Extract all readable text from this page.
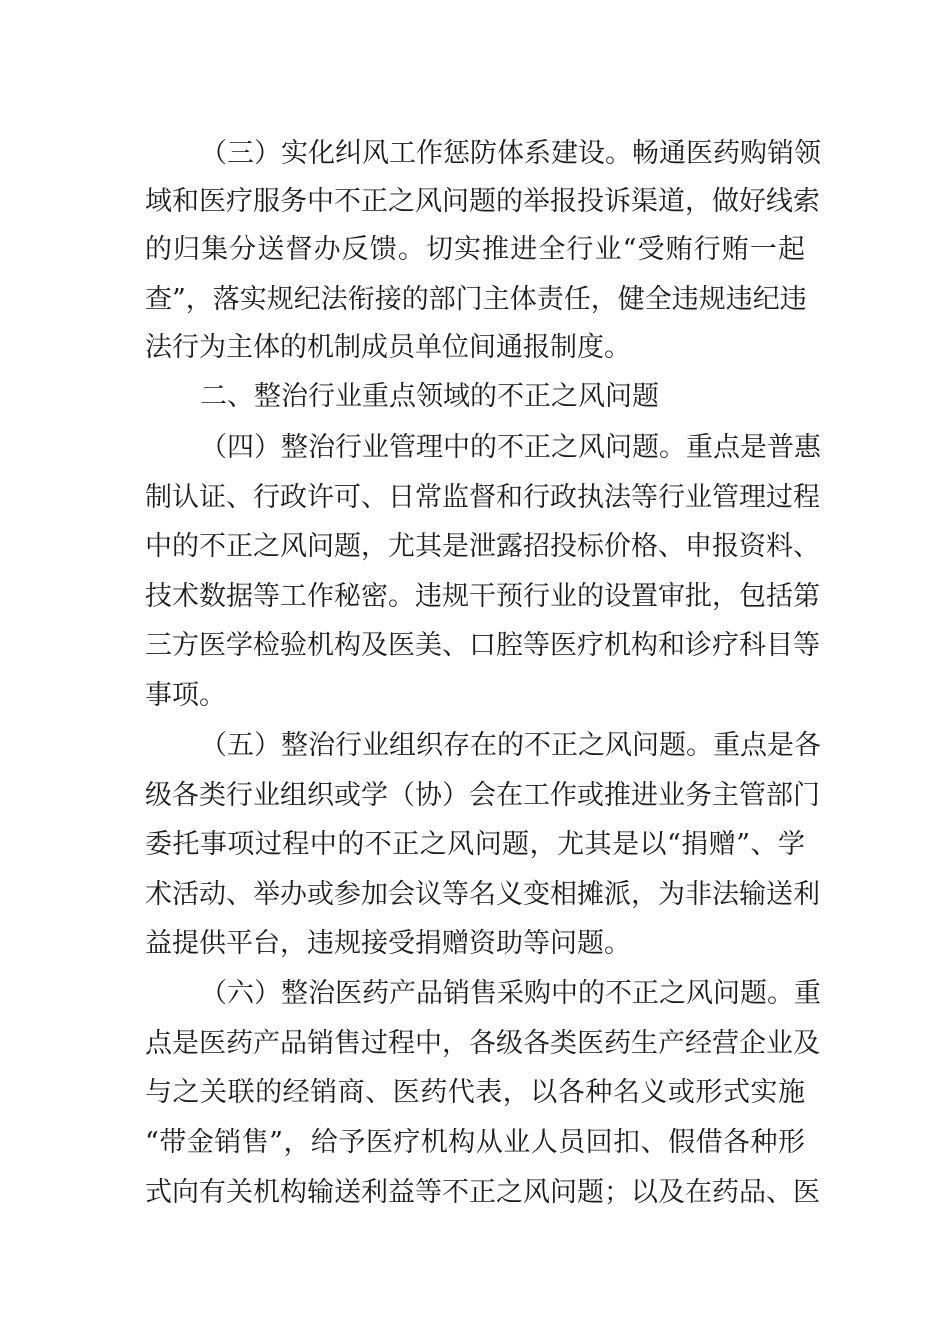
（三）实化纠风工作惩防体系建设。畅通医药购销领
域和医疗服务中不正之风问题的举报投诉渠道，做好线索
的归集分送督办反馈。切实推进全行业“受贿行贿一起
查”，落实规纪法衔接的部门主体责任，健全违规违纪违
法行为主体的机制成员单位间通报制度。
二、整治行业重点领域的不正之风问题
（四）整治行业管理中的不正之风问题。重点是普惠
制认证、行政许可、日常监督和行政执法等行业管理过程
中的不正之风问题，尤其是泄露招投标价格、申报资料、
技术数据等工作秘密。违规干预行业的设置审批，包括第
三方医学检验机构及医美、口腔等医疗机构和诊疗科目等
事项。
（五）整治行业组织存在的不正之风问题。重点是各
级各类行业组织或学（协）会在工作或推进业务主管部门
委托事项过程中的不正之风问题，尤其是以“捐赠”、学
术活动、举办或参加会议等名义变相摊派，为非法输送利
益提供平台，违规接受捐赠资助等问题。
（六）整治医药产品销售采购中的不正之风问题。重
点是医药产品销售过程中，各级各类医药生产经营企业及
与之关联的经销商、医药代表，以各种名义或形式实施
“带金销售”，给予医疗机构从业人员回扣、假借各种形
式向有关机构输送利益等不正之风问题；以及在药品、医
